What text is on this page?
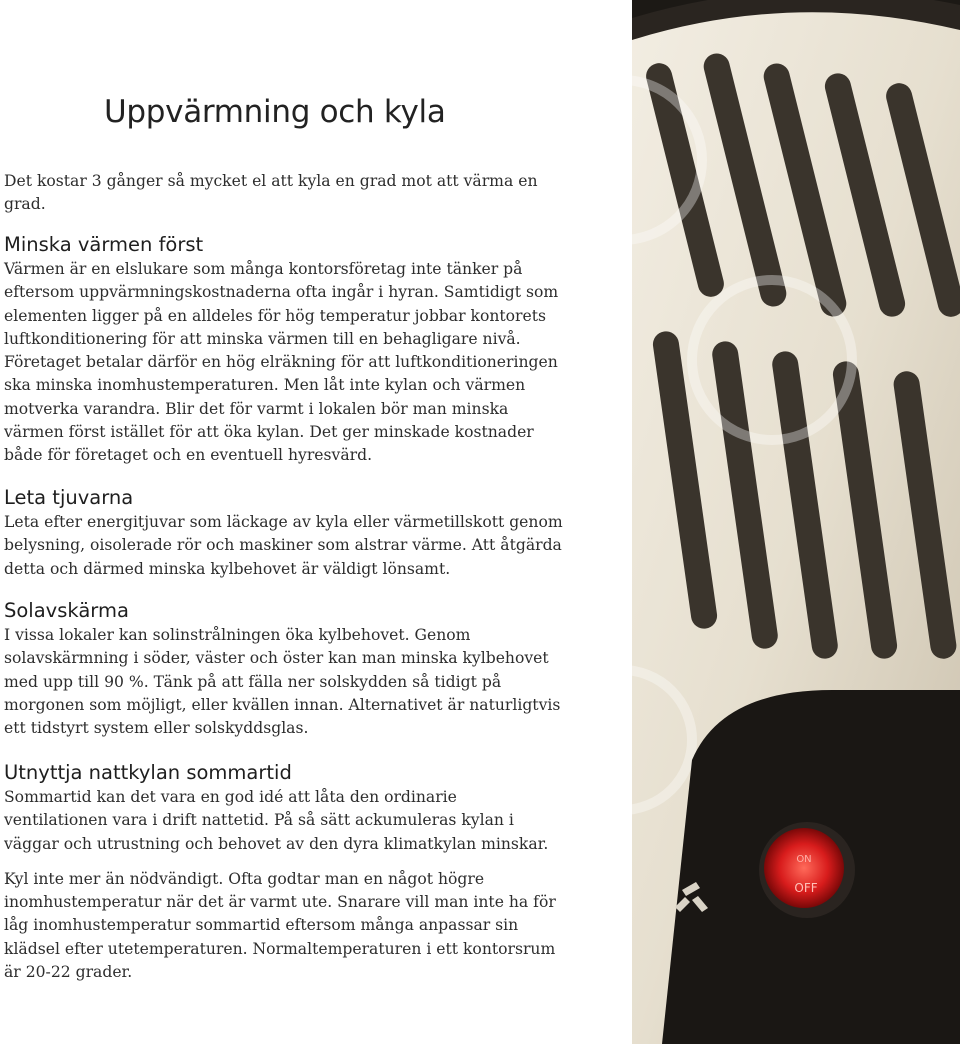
Uppvärmning och kyla

Det kostar 3 gånger så mycket el att kyla en grad mot att värma en grad.

Minska värmen först

Värmen är en elslukare som många kontorsföretag inte tänker på eftersom uppvärmningskostnaderna ofta ingår i hyran. Samtidigt som elementen ligger på en alldeles för hög temperatur jobbar kontorets luftkonditionering för att minska värmen till en behagligare nivå. Företaget betalar därför en hög elräkning för att luftkonditioneringen ska minska inomhustemperaturen. Men låt inte kylan och värmen motverka varandra. Blir det för varmt i lokalen bör man minska värmen först istället för att öka kylan. Det ger minskade kostnader både för företaget och en eventuell hyresvärd.

Leta tjuvarna

Leta efter energitjuvar som läckage av kyla eller värmetillskott genom belysning, oisolerade rör och maskiner som alstrar värme. Att åtgärda detta och därmed minska kylbehovet är väldigt lönsamt.

Solavskärma

I vissa lokaler kan solinstrålningen öka kylbehovet. Genom solavskärmning i söder, väster och öster kan man minska kylbehovet med upp till 90 %. Tänk på att fälla ner solskydden så tidigt på morgonen som möjligt, eller kvällen innan. Alternativet är naturligtvis ett tidstyrt system eller solskyddsglas.

Utnyttja nattkylan sommartid

Sommartid kan det vara en god idé att låta den ordinarie ventilationen vara i drift nattetid. På så sätt ackumuleras kylan i väggar och utrustning och behovet av den dyra klimatkylan minskar.

Kyl inte mer än nödvändigt. Ofta godtar man en något högre inomhustemperatur när det är varmt ute. Snarare vill man inte ha för låg inomhustemperatur sommartid eftersom många anpassar sin klädsel efter utetemperaturen. Normaltemperaturen i ett kontorsrum är 20-22 grader.

ON
OFF
